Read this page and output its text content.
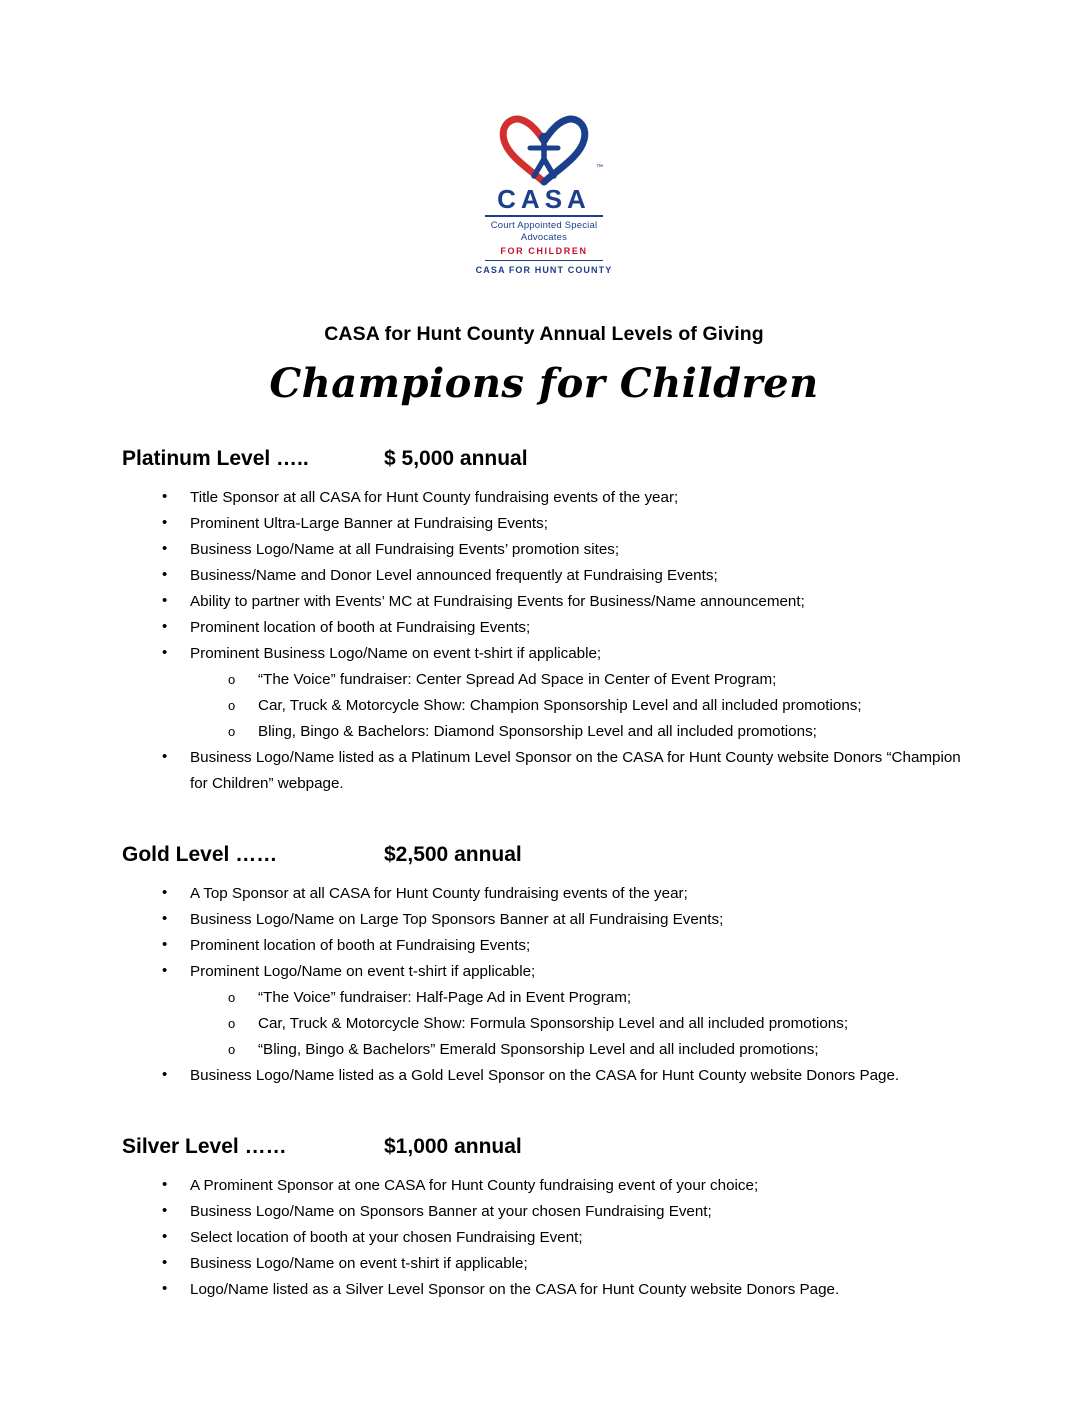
™
CASA
Court Appointed Special Advocates
FOR CHILDREN
CASA FOR HUNT COUNTY
CASA for Hunt County Annual Levels of Giving
Champions for Children
Platinum Level …..	$ 5,000 annual
• Title Sponsor at all CASA for Hunt County fundraising events of the year;
• Prominent Ultra-Large Banner at Fundraising Events;
• Business Logo/Name at all Fundraising Events’ promotion sites;
• Business/Name and Donor Level announced frequently at Fundraising Events;
• Ability to partner with Events’ MC at Fundraising Events for Business/Name announcement;
• Prominent location of booth at Fundraising Events;
• Prominent Business Logo/Name on event t-shirt if applicable;
o “The Voice” fundraiser: Center Spread Ad Space in Center of Event Program;
o Car, Truck & Motorcycle Show: Champion Sponsorship Level and all included promotions;
o Bling, Bingo & Bachelors: Diamond Sponsorship Level and all included promotions;
• Business Logo/Name listed as a Platinum Level Sponsor on the CASA for Hunt County website Donors “Champion for Children” webpage.
Gold Level ……	$2,500 annual
• A Top Sponsor at all CASA for Hunt County fundraising events of the year;
• Business Logo/Name on Large Top Sponsors Banner at all Fundraising Events;
• Prominent location of booth at Fundraising Events;
• Prominent Logo/Name on event t-shirt if applicable;
o “The Voice” fundraiser: Half-Page Ad in Event Program;
o Car, Truck & Motorcycle Show: Formula Sponsorship Level and all included promotions;
o “Bling, Bingo & Bachelors” Emerald Sponsorship Level and all included promotions;
• Business Logo/Name listed as a Gold Level Sponsor on the CASA for Hunt County website Donors Page.
Silver Level ……	$1,000 annual
• A Prominent Sponsor at one CASA for Hunt County fundraising event of your choice;
• Business Logo/Name on Sponsors Banner at your chosen Fundraising Event;
• Select location of booth at your chosen Fundraising Event;
• Business Logo/Name on event t-shirt if applicable;
• Logo/Name listed as a Silver Level Sponsor on the CASA for Hunt County website Donors Page.
